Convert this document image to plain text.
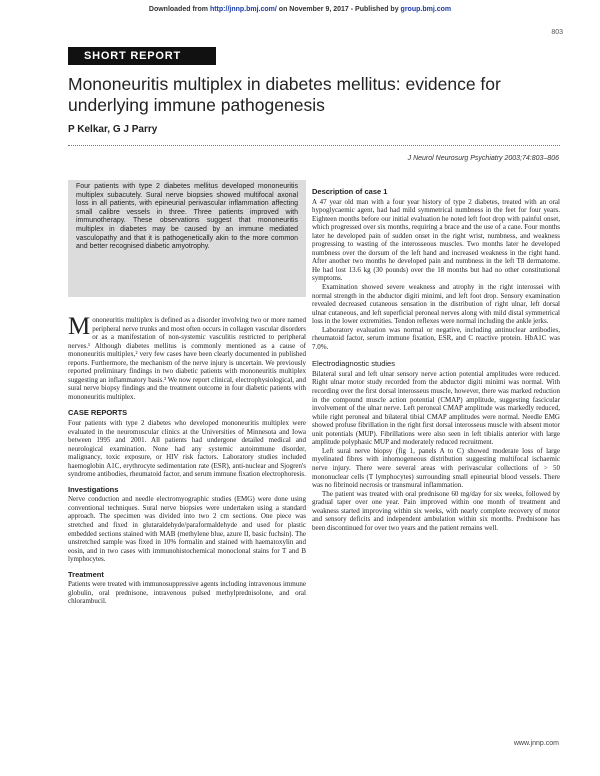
Downloaded from http://jnnp.bmj.com/ on November 9, 2017 - Published by group.bmj.com
803
SHORT REPORT
Mononeuritis multiplex in diabetes mellitus: evidence for underlying immune pathogenesis
P Kelkar, G J Parry
J Neurol Neurosurg Psychiatry 2003;74:803–806
Four patients with type 2 diabetes mellitus developed mononeuritis multiplex subacutely. Sural nerve biopsies showed multifocal axonal loss in all patients, with epineurial perivascular inflammation affecting small calibre vessels in three. Three patients improved with immunotherapy. These observations suggest that mononeuritis multiplex in diabetes may be caused by an immune mediated vasculopathy and that it is pathogenetically akin to the more common and better recognised diabetic amyotrophy.

Mononeuritis multiplex is defined as a disorder involving two or more named peripheral nerve trunks and most often occurs in collagen vascular disorders or as a manifestation of non-systemic vasculitis restricted to peripheral nerves.¹ Although diabetes mellitus is commonly mentioned as a cause of mononeuritis multiplex,² very few cases have been clearly documented in published reports. Furthermore, the mechanism of the nerve injury is uncertain. We previously reported preliminary findings in two diabetic patients with mononeuritis multiplex suggesting an inflammatory basis.³ We now report clinical, electrophysiological, and sural nerve biopsy findings and the treatment outcome in four diabetic patients with mononeuritis multiplex.

CASE REPORTS

Four patients with type 2 diabetes who developed mononeuritis multiplex were evaluated in the neuromuscular clinics at the Universities of Minnesota and Iowa between 1995 and 2001. All patients had undergone detailed medical and neurological examination. None had any systemic autoimmune disorder, malignancy, toxic exposure, or HIV risk factors. Laboratory studies included haemoglobin A1C, erythrocyte sedimentation rate (ESR), anti-nuclear and Sjogren's syndrome antibodies, rheumatoid factor, and serum immune fixation electrophoresis.

Investigations

Nerve conduction and needle electromyographic studies (EMG) were done using conventional techniques. Sural nerve biopsies were undertaken using a standard approach. The specimen was divided into two 2 cm sections. One piece was stretched and fixed in glutaraldehyde/paraformaldehyde and used for plastic embedded sections stained with MAB (methylene blue, azure II, basic fuchsin). The unstretched sample was fixed in 10% formalin and stained with haematoxylin and eosin, and in two cases with immunohistochemical monoclonal stains for T and B lymphocytes.

Treatment

Patients were treated with immunosuppressive agents including intravenous immune globulin, oral prednisone, intravenous pulsed methylprednisolone, and oral chlorambucil.

Description of case 1

A 47 year old man with a four year history of type 2 diabetes, treated with an oral hypoglycaemic agent, had had mild symmetrical numbness in the feet for four years. Eighteen months before our initial evaluation he noted left foot drop with painful onset, which progressed over six months, requiring a brace and the use of a cane. Four months later he developed pain of sudden onset in the right wrist, numbness, and weakness progressing to wasting of the interosseous muscles. Two months later he developed numbness over the dorsum of the left hand and increased weakness in the right hand. After another two months he developed pain and numbness in the left T8 dermatome. He had lost 13.6 kg (30 pounds) over the 18 months but had no other constitutional symptoms.

Examination showed severe weakness and atrophy in the right interossei with normal strength in the abductor digiti minimi, and left foot drop. Sensory examination revealed decreased cutaneous sensation in the distribution of right ulnar, left dorsal ulnar cutaneous, and left superficial peroneal nerves along with mild distal symmetrical loss in the lower extremities. Tendon reflexes were normal including the ankle jerks.

Laboratory evaluation was normal or negative, including antinuclear antibodies, rheumatoid factor, serum immune fixation, ESR, and C reactive protein. HbA1C was 7.0%.

Electrodiagnostic studies

Bilateral sural and left ulnar sensory nerve action potential amplitudes were reduced. Right ulnar motor study recorded from the abductor digiti minimi was normal. With recording over the first dorsal interosseus muscle, however, there was marked reduction in the compound muscle action potential (CMAP) amplitude, suggesting fascicular involvement of the ulnar nerve. Left peroneal CMAP amplitude was markedly reduced, while right peroneal and bilateral tibial CMAP amplitudes were normal. Needle EMG showed profuse fibrillation in the right first dorsal interosseus muscle with absent motor unit potentials (MUP). Fibrillations were also seen in left tibialis anterior with large amplitude polyphasic MUP and moderately reduced recruitment.

Left sural nerve biopsy (fig 1, panels A to C) showed moderate loss of large myelinated fibres with inhomogeneous distribution suggesting multifocal ischaemic nerve injury. There were several areas with perivascular collections of > 50 mononuclear cells (T lymphocytes) surrounding small epineurial blood vessels. There was no fibrinoid necrosis or transmural inflammation.

The patient was treated with oral prednisone 60 mg/day for six weeks, followed by gradual taper over one year. Pain improved within one month of treatment and weakness started improving within six weeks, with nearly complete recovery of motor and sensory deficits and independent ambulation within six months. Prednisone has been discontinued for over two years and the patient remains well.

www.jnnp.com
